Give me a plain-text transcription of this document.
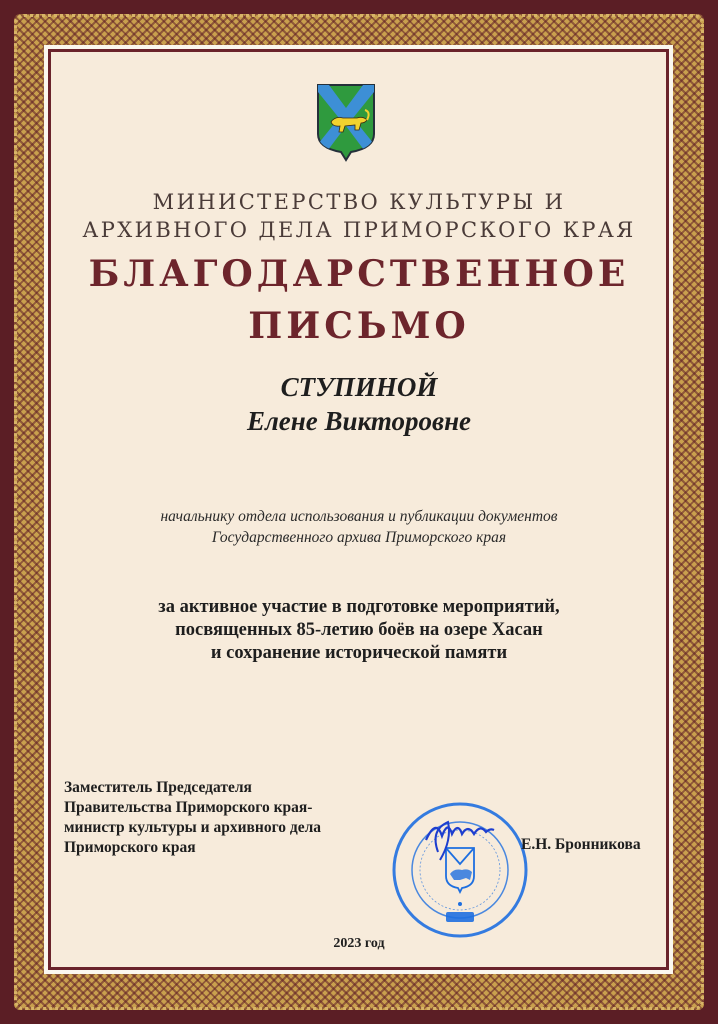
МИНИСТЕРСТВО КУЛЬТУРЫ И
АРХИВНОГО ДЕЛА ПРИМОРСКОГО КРАЯ
БЛАГОДАРСТВЕННОЕ
ПИСЬМО
СТУПИНОЙ
Елене Викторовне
начальнику отдела использования и публикации документов
Государственного архива Приморского края
за активное участие в подготовке мероприятий,
посвященных 85-летию боёв на озере Хасан
и сохранение исторической памяти
Заместитель Председателя
Правительства Приморского края-
министр культуры и архивного дела
Приморского края	Е.Н. Бронникова
2023 год
